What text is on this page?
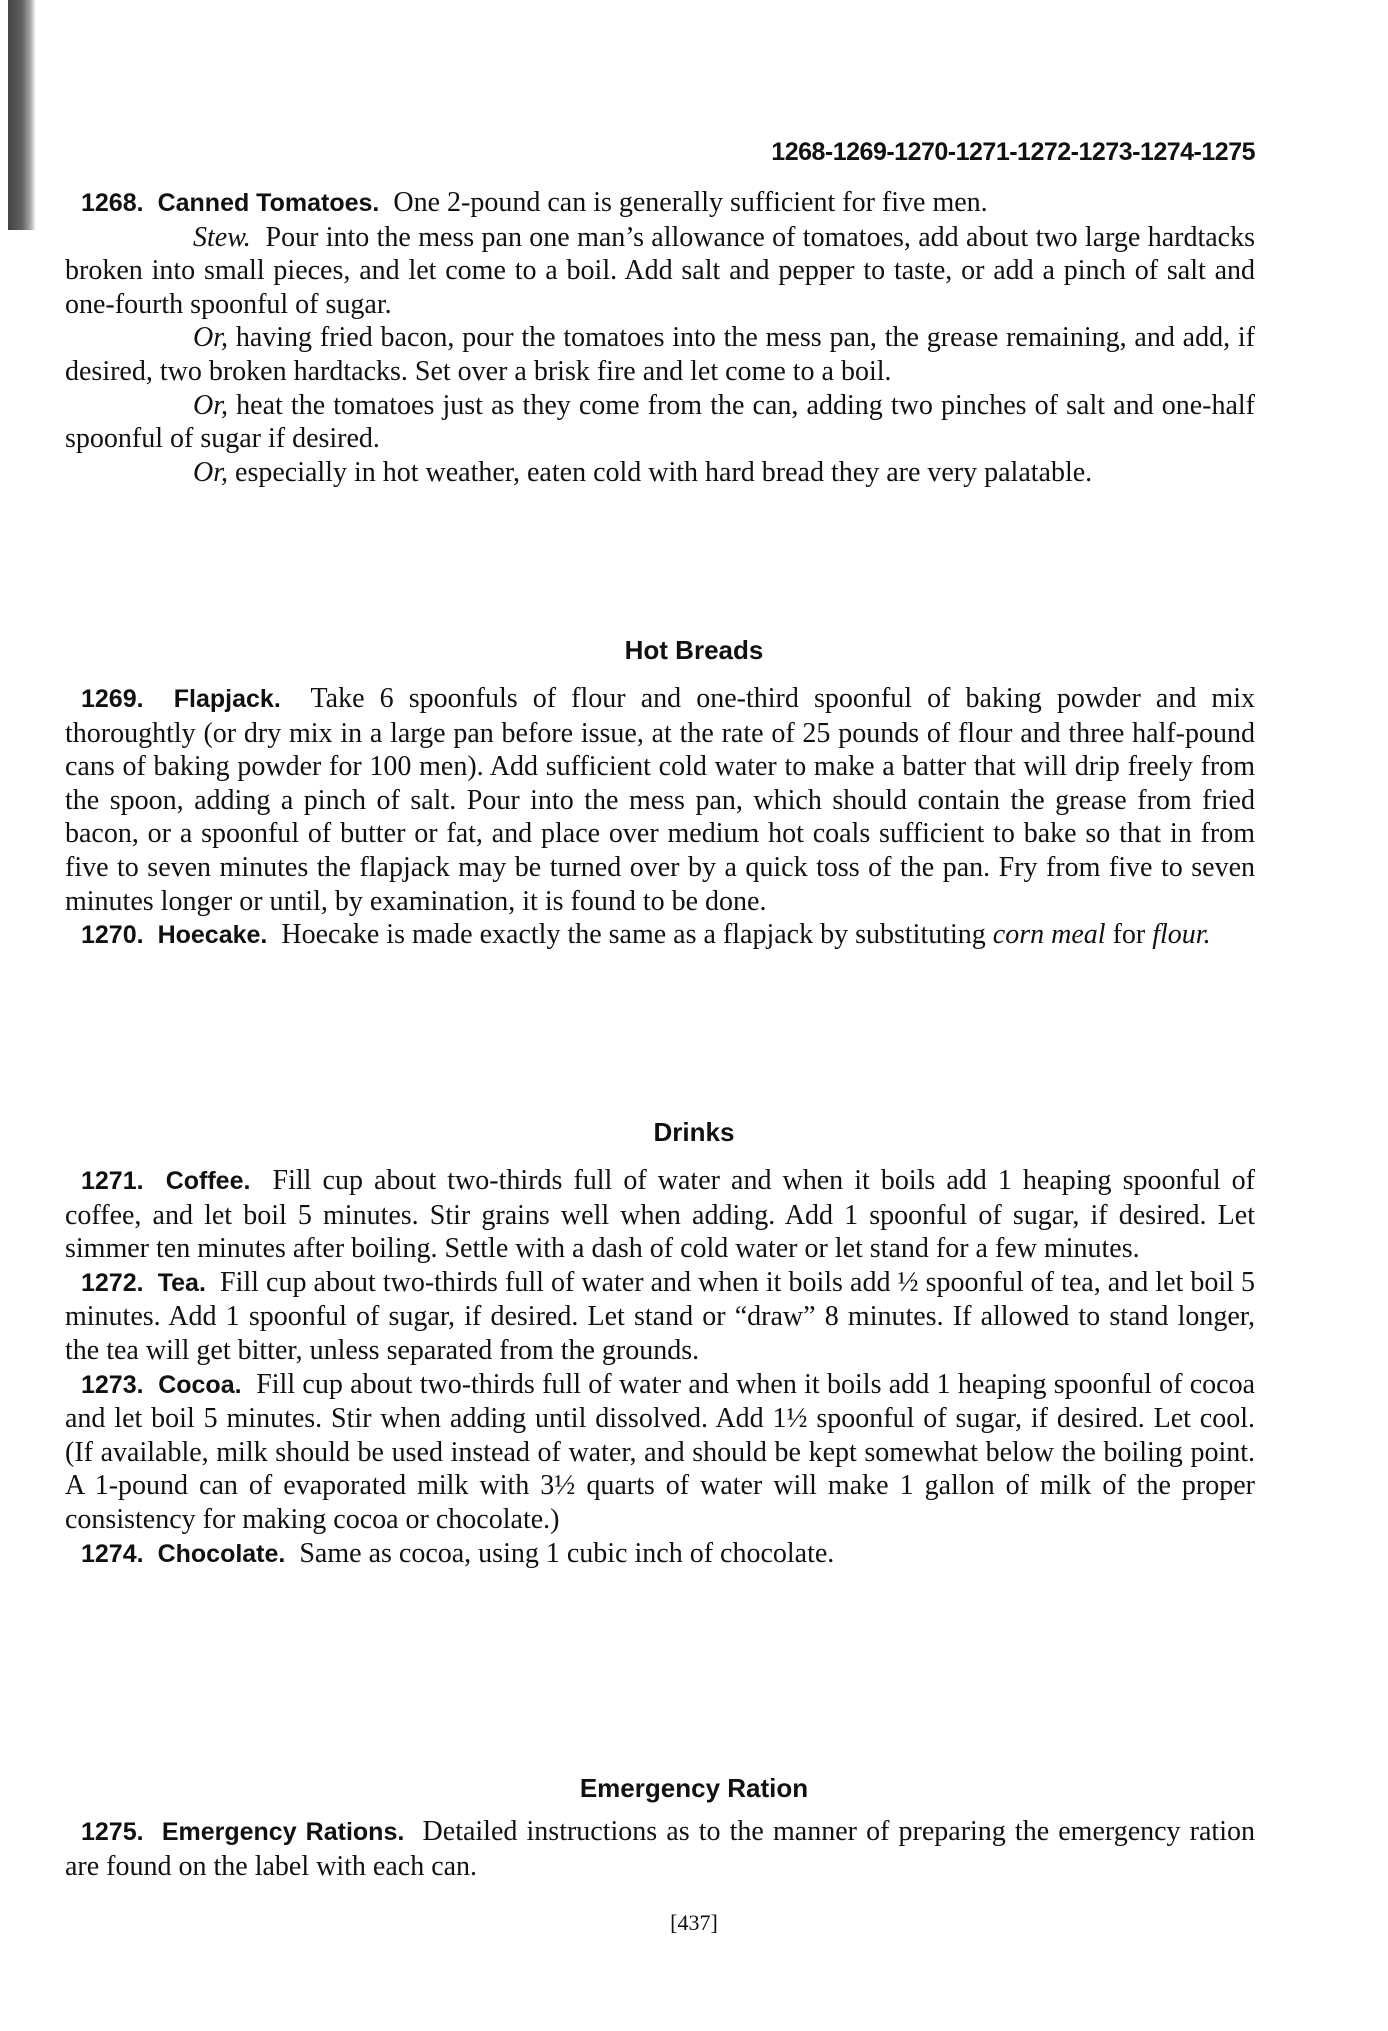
1268-1269-1270-1271-1272-1273-1274-1275

1268. Canned Tomatoes. One 2-pound can is generally sufficient for five men.

Stew. Pour into the mess pan one man’s allowance of tomatoes, add about two large hardtacks broken into small pieces, and let come to a boil. Add salt and pepper to taste, or add a pinch of salt and one-fourth spoonful of sugar.

Or, having fried bacon, pour the tomatoes into the mess pan, the grease remaining, and add, if desired, two broken hardtacks. Set over a brisk fire and let come to a boil.

Or, heat the tomatoes just as they come from the can, adding two pinches of salt and one-half spoonful of sugar if desired.

Or, especially in hot weather, eaten cold with hard bread they are very palatable.

Hot Breads

1269. Flapjack. Take 6 spoonfuls of flour and one-third spoonful of baking powder and mix thoroughtly (or dry mix in a large pan before issue, at the rate of 25 pounds of flour and three half-pound cans of baking powder for 100 men). Add sufficient cold water to make a batter that will drip freely from the spoon, adding a pinch of salt. Pour into the mess pan, which should contain the grease from fried bacon, or a spoonful of butter or fat, and place over medium hot coals sufficient to bake so that in from five to seven minutes the flapjack may be turned over by a quick toss of the pan. Fry from five to seven minutes longer or until, by examination, it is found to be done.

1270. Hoecake. Hoecake is made exactly the same as a flapjack by substituting corn meal for flour.

Drinks

1271. Coffee. Fill cup about two-thirds full of water and when it boils add 1 heaping spoonful of coffee, and let boil 5 minutes. Stir grains well when adding. Add 1 spoonful of sugar, if desired. Let simmer ten minutes after boiling. Settle with a dash of cold water or let stand for a few minutes.

1272. Tea. Fill cup about two-thirds full of water and when it boils add ½ spoonful of tea, and let boil 5 minutes. Add 1 spoonful of sugar, if desired. Let stand or “draw” 8 minutes. If allowed to stand longer, the tea will get bitter, unless separated from the grounds.

1273. Cocoa. Fill cup about two-thirds full of water and when it boils add 1 heaping spoonful of cocoa and let boil 5 minutes. Stir when adding until dissolved. Add 1½ spoonful of sugar, if desired. Let cool. (If available, milk should be used instead of water, and should be kept somewhat below the boiling point. A 1-pound can of evaporated milk with 3½ quarts of water will make 1 gallon of milk of the proper consistency for making cocoa or chocolate.)

1274. Chocolate. Same as cocoa, using 1 cubic inch of chocolate.

Emergency Ration

1275. Emergency Rations. Detailed instructions as to the manner of preparing the emergency ration are found on the label with each can.

[437]
